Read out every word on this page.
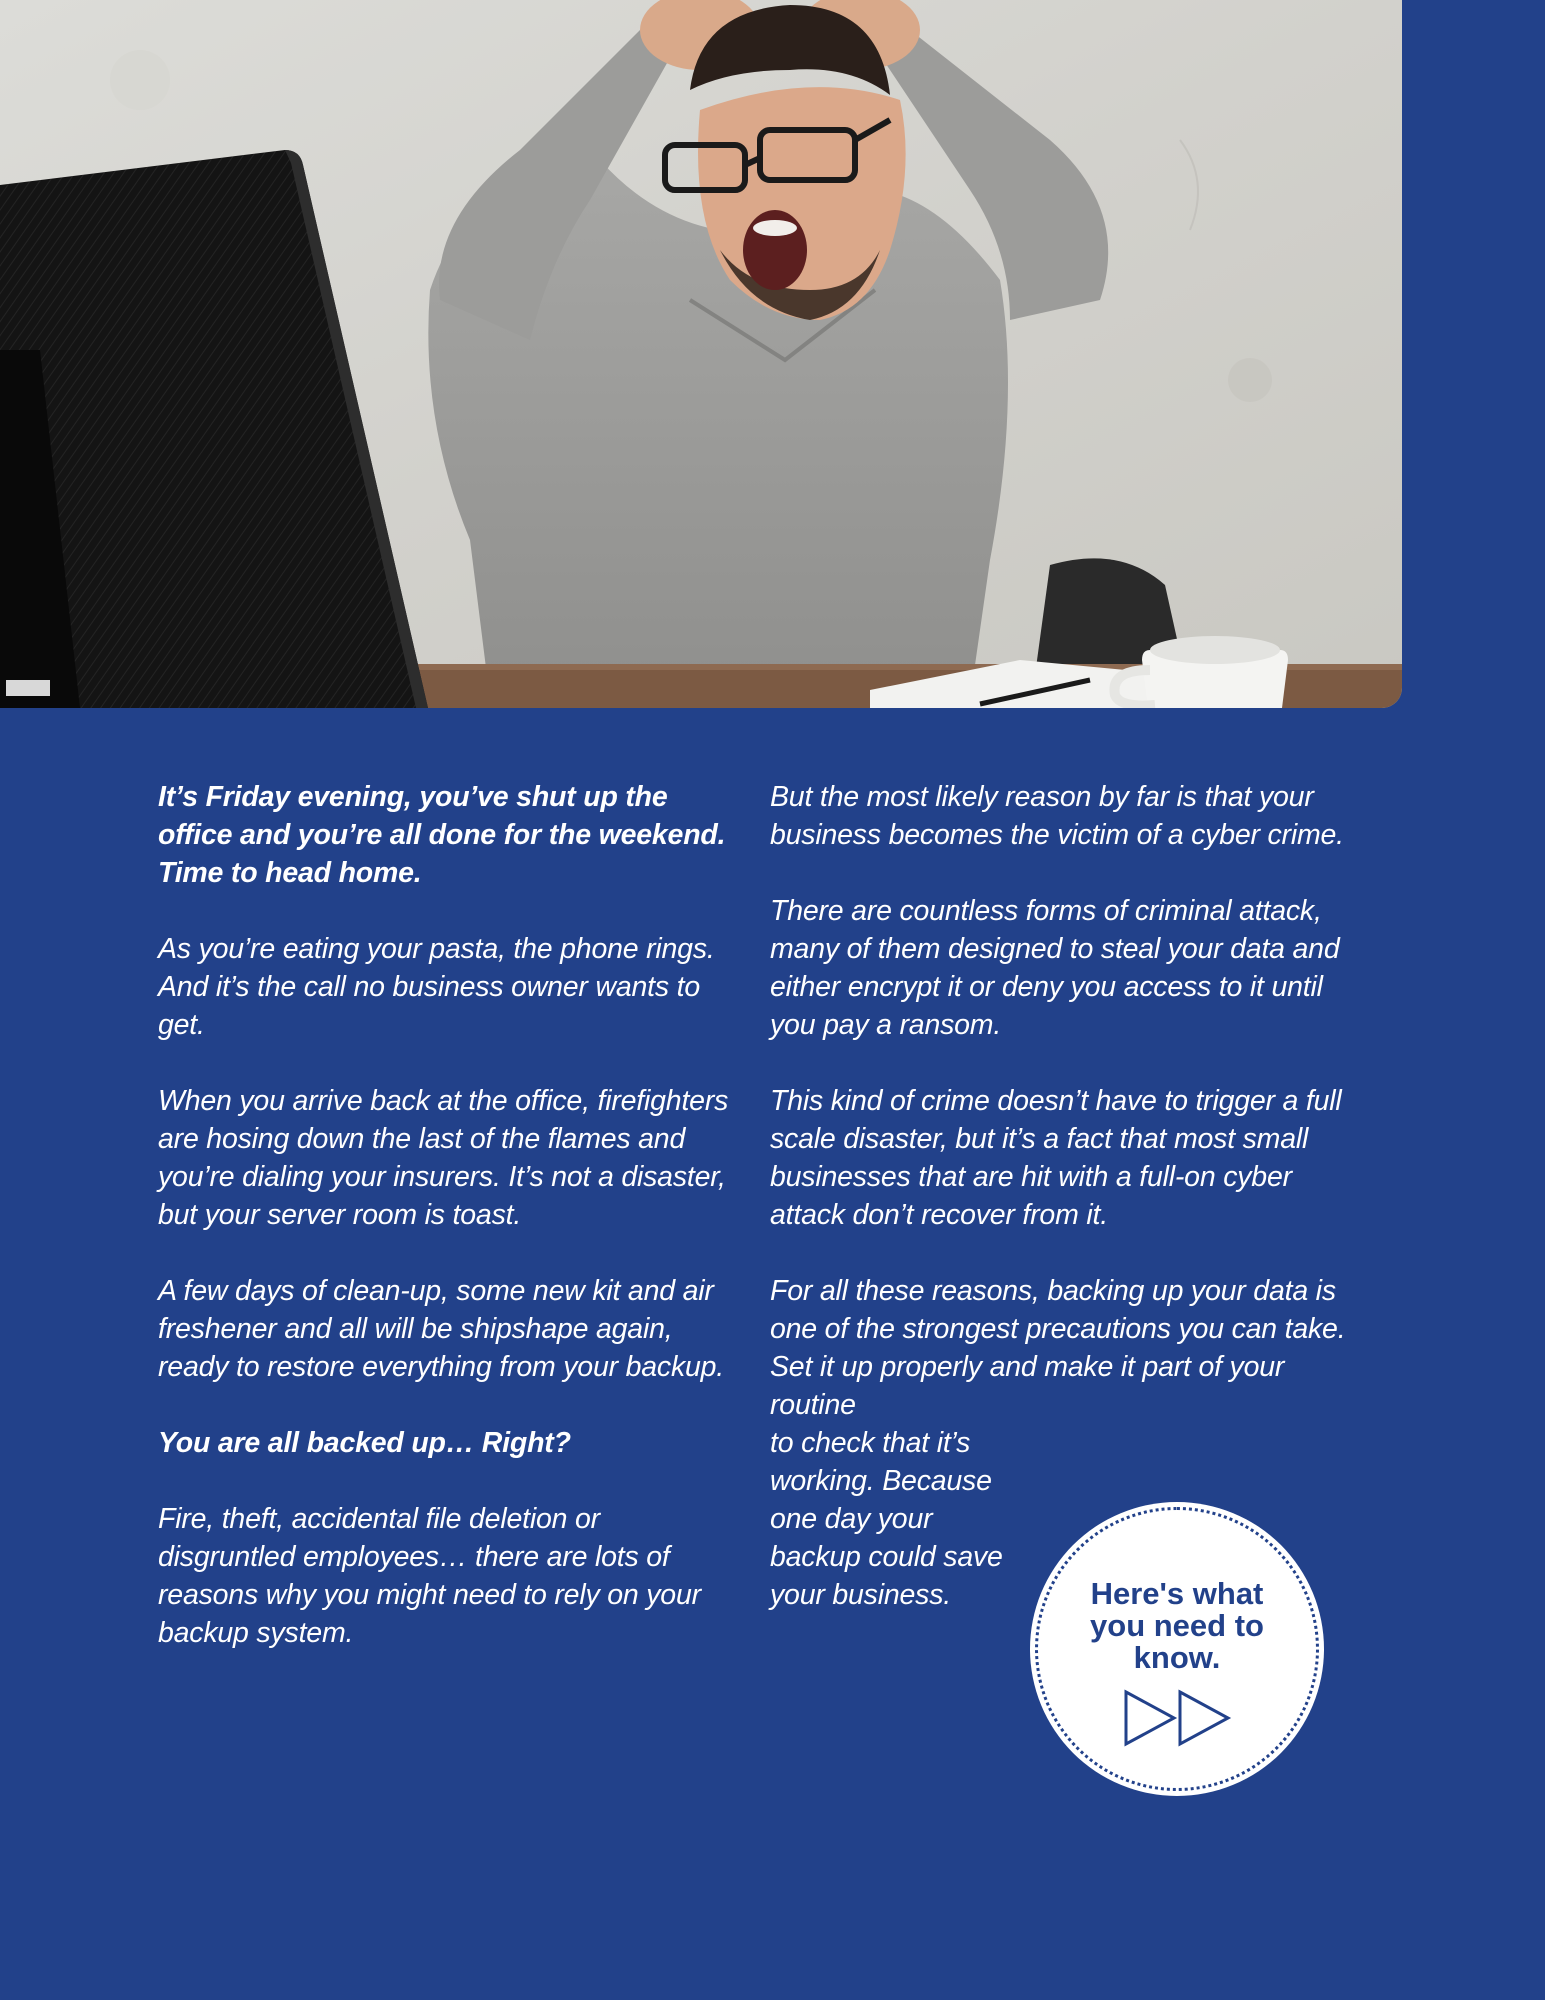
It’s Friday evening, you’ve shut up the office and you’re all done for the weekend. Time to head home.

As you’re eating your pasta, the phone rings. And it’s the call no business owner wants to get.

When you arrive back at the office, firefighters are hosing down the last of the flames and you’re dialing your insurers. It’s not a disaster, but your server room is toast.

A few days of clean-up, some new kit and air freshener and all will be shipshape again, ready to restore everything from your backup.

You are all backed up… Right?

Fire, theft, accidental file deletion or disgruntled employees… there are lots of reasons why you might need to rely on your backup system.

But the most likely reason by far is that your business becomes the victim of a cyber crime.

There are countless forms of criminal attack, many of them designed to steal your data and either encrypt it or deny you access to it until you pay a ransom.

This kind of crime doesn’t have to trigger a full scale disaster, but it’s a fact that most small businesses that are hit with a full-on cyber attack don’t recover from it.

For all these reasons, backing up your data is one of the strongest precautions you can take. Set it up properly and make it part of your routine

to check that it’s working. Because one day your backup could save your business.	Here's what
you need to
know.
